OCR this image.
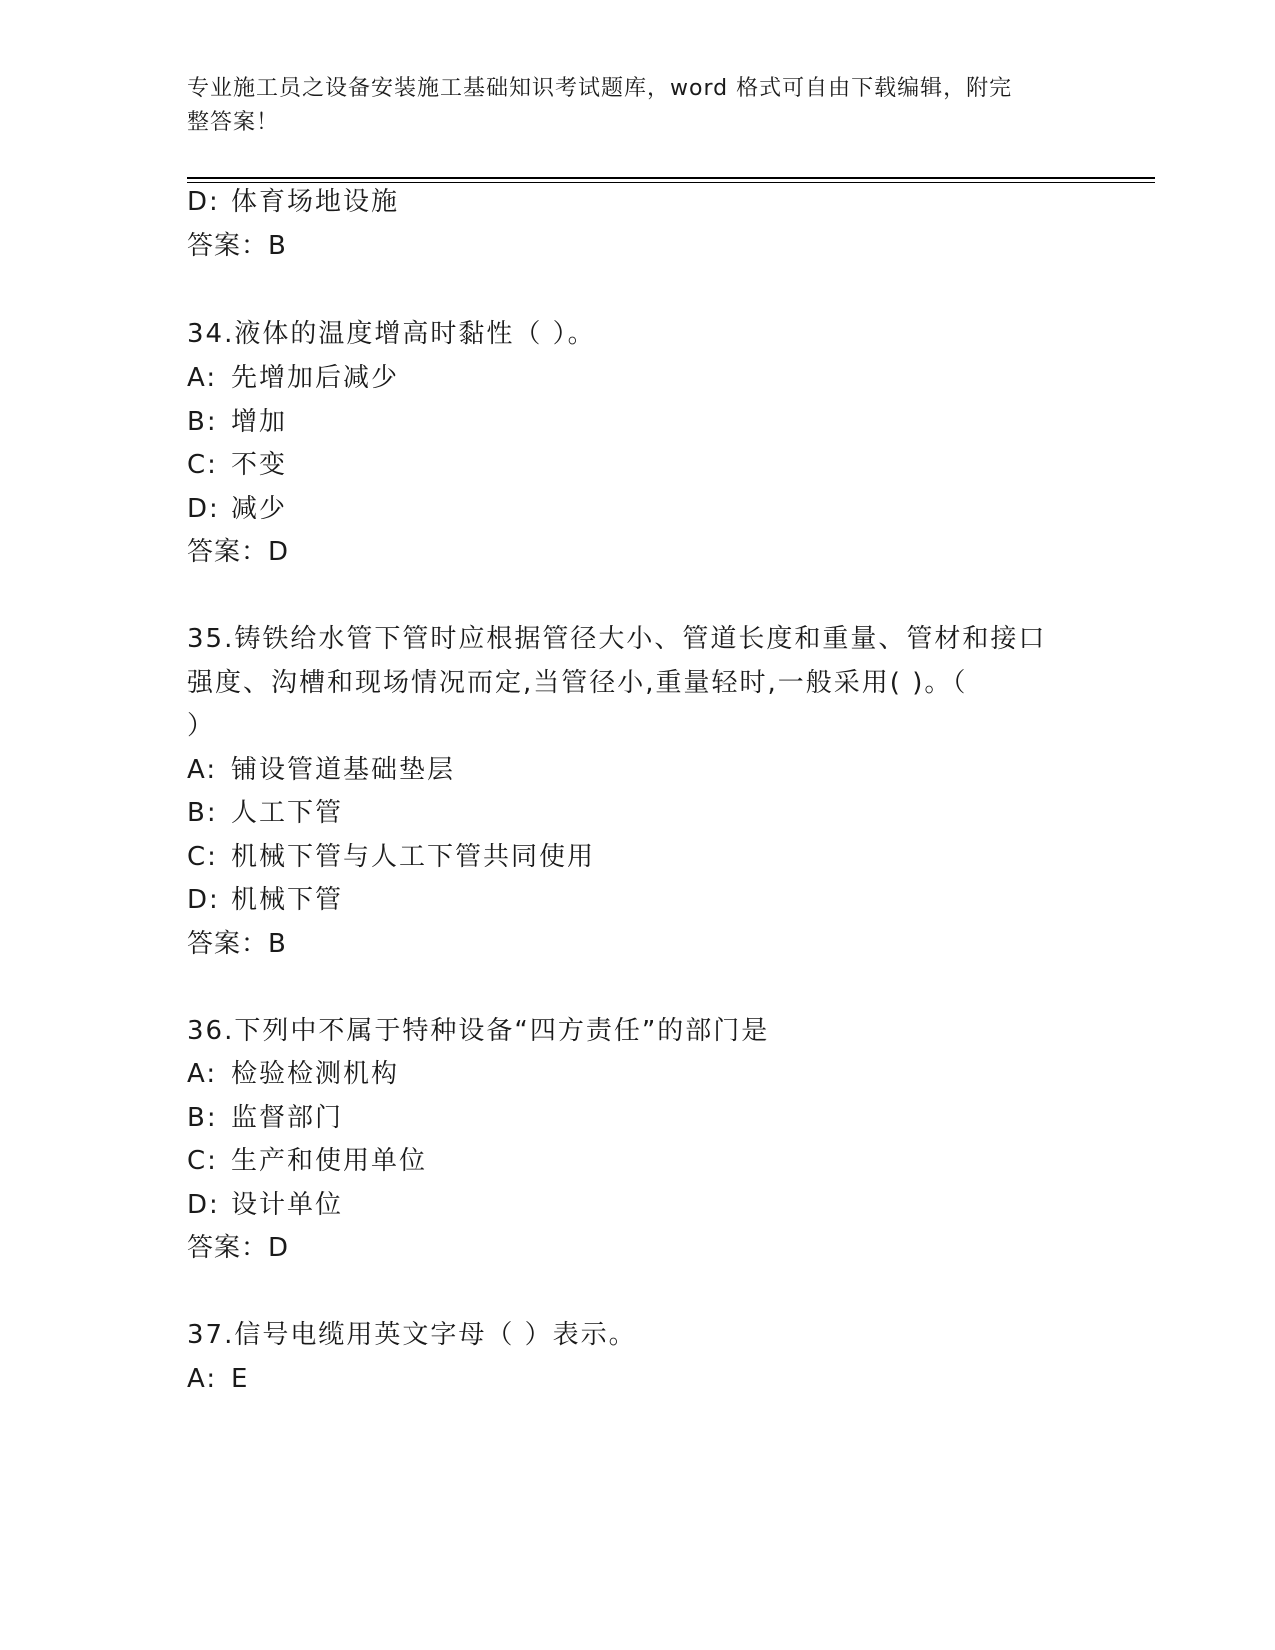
专业施工员之设备安装施工基础知识考试题库，word 格式可自由下载编辑，附完
整答案！
D: 体育场地设施
答案：B
34.液体的温度增高时黏性（ ）。
A: 先增加后减少
B: 增加
C: 不变
D: 减少
答案：D
35.铸铁给水管下管时应根据管径大小、管道长度和重量、管材和接口
强度、沟槽和现场情况而定,当管径小,重量轻时,一般采用( )。（
）
A: 铺设管道基础垫层
B: 人工下管
C: 机械下管与人工下管共同使用
D: 机械下管
答案：B
36.下列中不属于特种设备“四方责任”的部门是
A: 检验检测机构
B: 监督部门
C: 生产和使用单位
D: 设计单位
答案：D
37.信号电缆用英文字母（ ）表示。
A: E
